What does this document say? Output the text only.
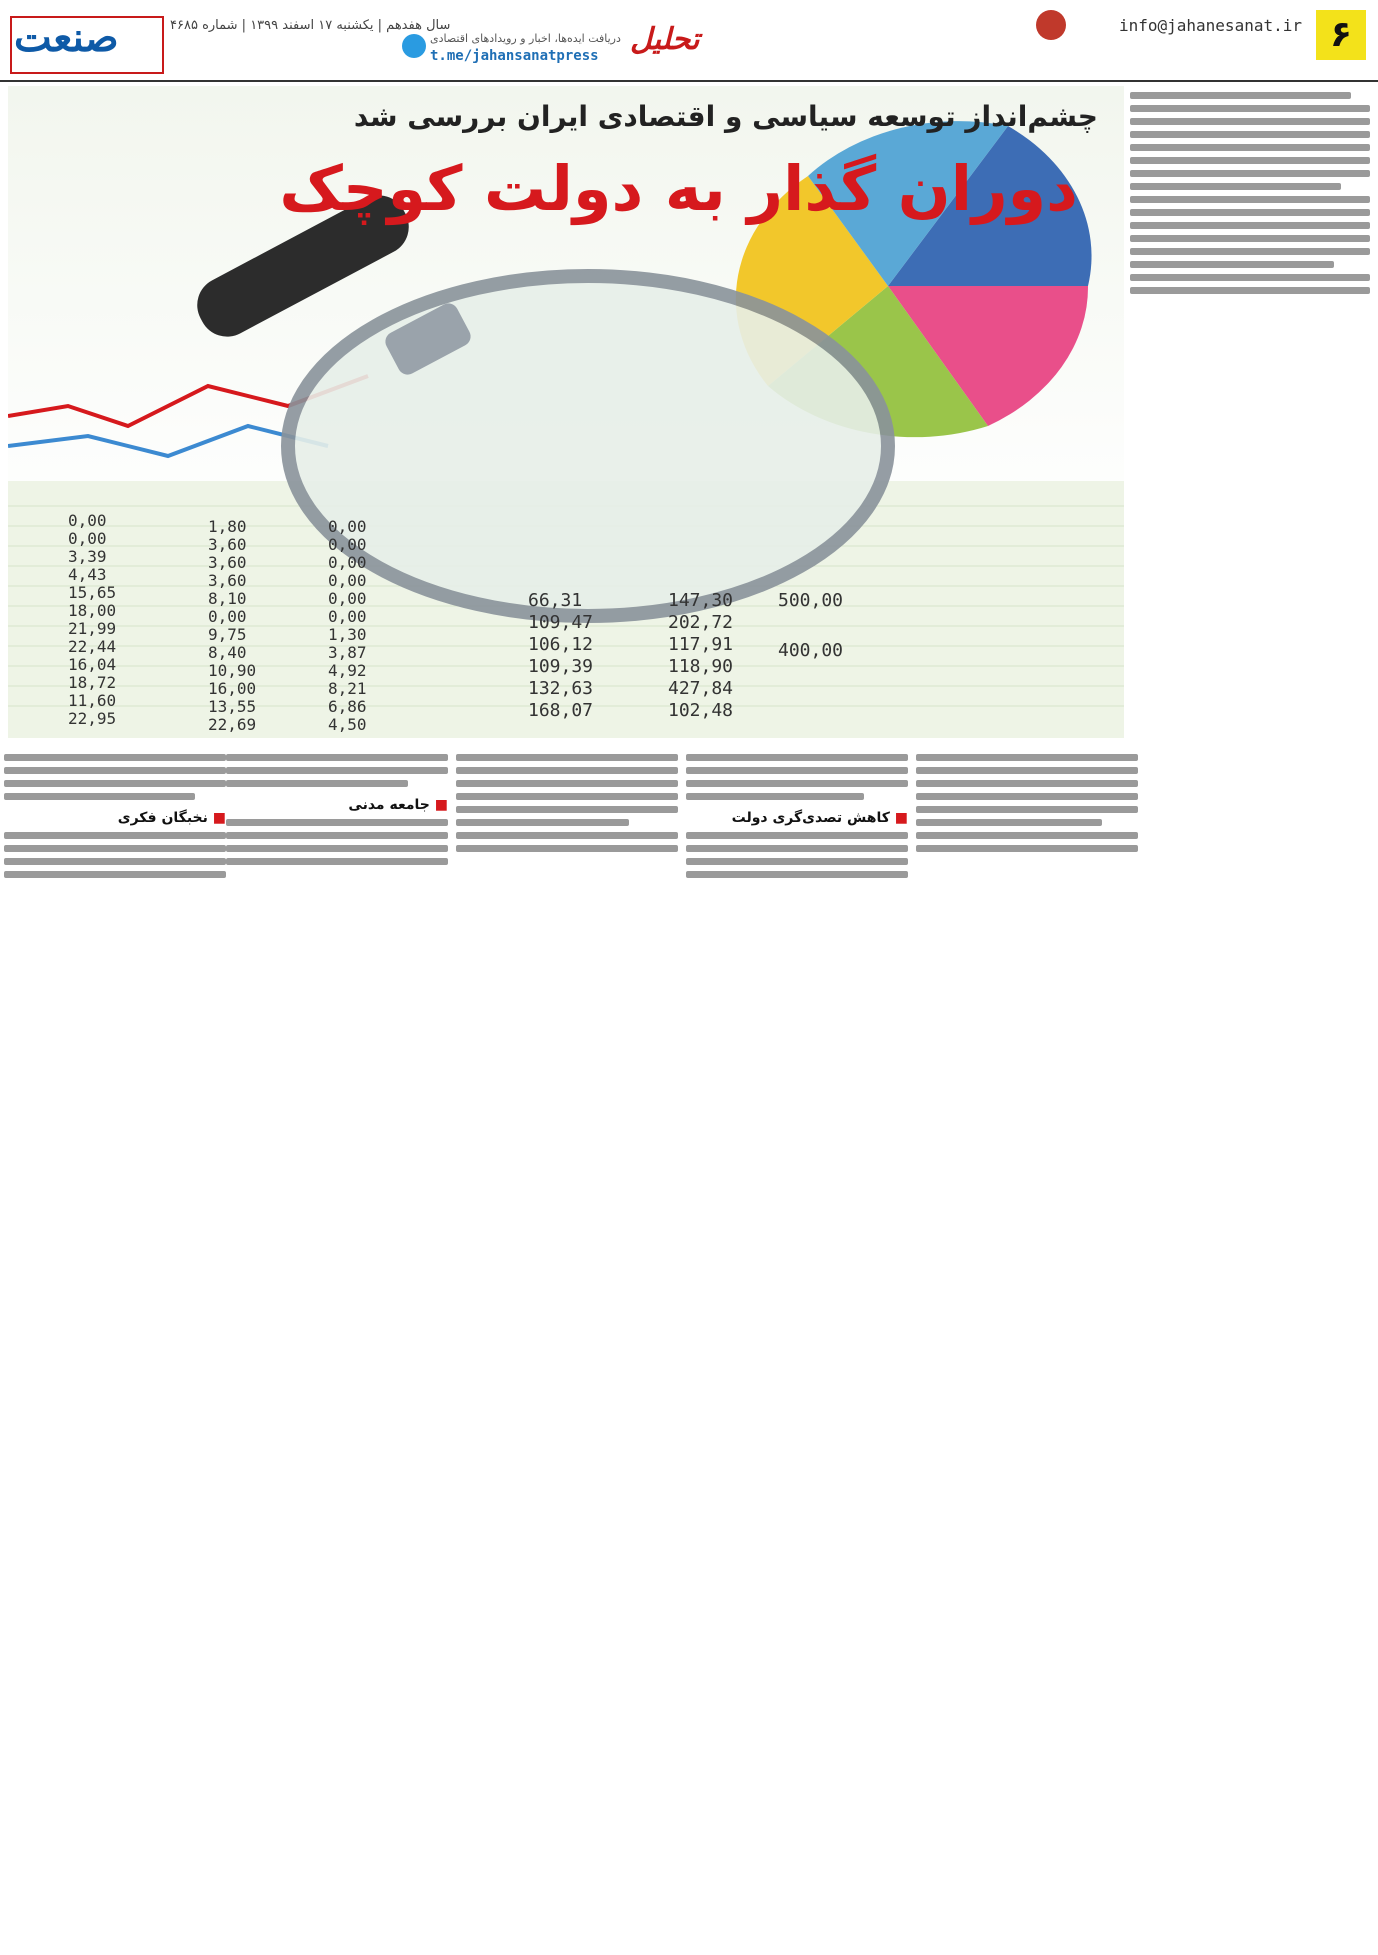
۶
info@jahanesanat.ir
تحلیل
صنعت	سال هفدهم | یکشنبه ۱۷ اسفند ۱۳۹۹ | شماره ۴۶۸۵
دریافت ایده‌ها، اخبار و رویدادهای اقتصادی
t.me/jahansanatpress
0,00
0,00
3,39
4,43
15,65
18,00
21,99
22,44
16,04
18,72
11,60
22,95
1,80
3,60
3,60
3,60
8,10
0,00
9,75
8,40
10,90
16,00
13,55
22,69
0,00
0,00
0,00
0,00
0,00
0,00
1,30
3,87
4,92
8,21
6,86
4,50
66,31
109,47
106,12
109,39
132,63
168,07
147,30
202,72
117,91
118,90
427,84
102,48
500,00
400,00
چشم‌انداز توسعه سیاسی و اقتصادی ایران بررسی شد
دوران گذار به دولت کوچک
■ کاهش تصدی‌گری دولت
■ جامعه مدنی
■ نخبگان فکری
